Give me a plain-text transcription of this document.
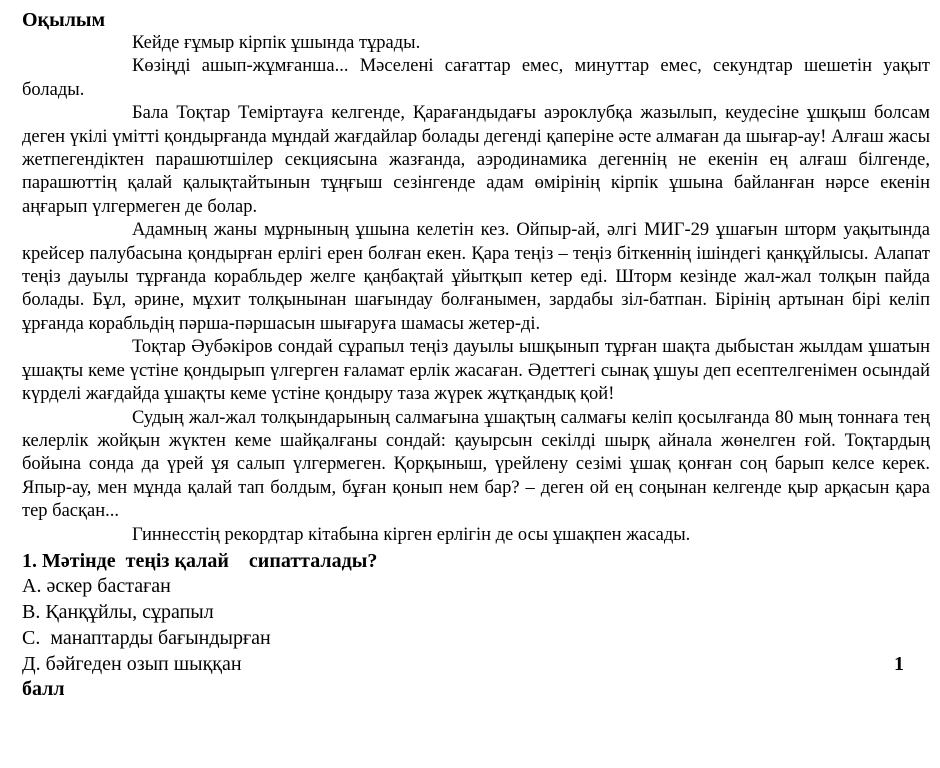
Оқылым

Кейде ғұмыр кірпік ұшында тұрады.

Көзіңді ашып-жұмғанша... Мәселені сағаттар емес, минуттар емес, секундтар шешетін уақыт болады.

Бала Тоқтар Теміртауға келгенде, Қарағандыдағы аэроклубқа жазылып, кеудесіне ұшқыш болсам деген үкілі үмітті қондырғанда мұндай жағдайлар болады дегенді қаперіне әсте алмаған да шығар-ау! Алғаш жасы жетпегендіктен парашютшілер секциясына жазғанда, аэродинамика дегеннің не екенін ең алғаш білгенде, парашюттің қалай қалықтайтынын тұңғыш сезінгенде адам өмірінің кірпік ұшына байланған нәрсе екенін аңғарып үлгермеген де болар.

Адамның жаны мұрнының ұшына келетін кез. Ойпыр-ай, әлгі МИГ-29 ұшағын шторм уақытында крейсер палубасына қондырған ерлігі ерен болған екен. Қара теңіз – теңіз біткеннің ішіндегі қанқұйлысы. Алапат теңіз дауылы тұрғанда корабльдер желге қаңбақтай ұйытқып кетер еді. Шторм кезінде жал-жал толқын пайда болады. Бұл, әрине, мұхит толқынынан шағындау болғанымен, зардабы зіл-батпан. Бірінің артынан бірі келіп ұрғанда корабльдің пәрша-пәршасын шығаруға шамасы жетер-ді.

Тоқтар Әубәкіров сондай сұрапыл теңіз дауылы ышқынып тұрған шақта дыбыстан жылдам ұшатын ұшақты кеме үстіне қондырып үлгерген ғаламат ерлік жасаған. Әдеттегі сынақ ұшуы деп есептелгенімен осындай күрделі жағдайда ұшақты кеме үстіне қондыру таза жүрек жұтқандық қой!

Судың жал-жал толқындарының салмағына ұшақтың салмағы келіп қосылғанда 80 мың тоннаға тең келерлік жойқын жүктен кеме шайқалғаны сондай: қауырсын секілді шырқ айнала жөнелген ғой. Тоқтардың бойына сонда да үрей ұя салып үлгермеген. Қорқыныш, үрейлену сезімі ұшақ қонған соң барып келсе керек. Япыр-ау, мен мұнда қалай тап болдым, бұған қонып нем бар? – деген ой ең соңынан келгенде қыр арқасын қара тер басқан...

Гиннесстің рекордтар кітабына кірген ерлігін де осы ұшақпен жасады.

1. Мәтінде  теңіз қалай    сипатталады?

А. әскер бастаған

В. Қанқұйлы, сұрапыл

С.  манаптарды бағындырған

Д. бәйгеден озып шыққан	1

балл
